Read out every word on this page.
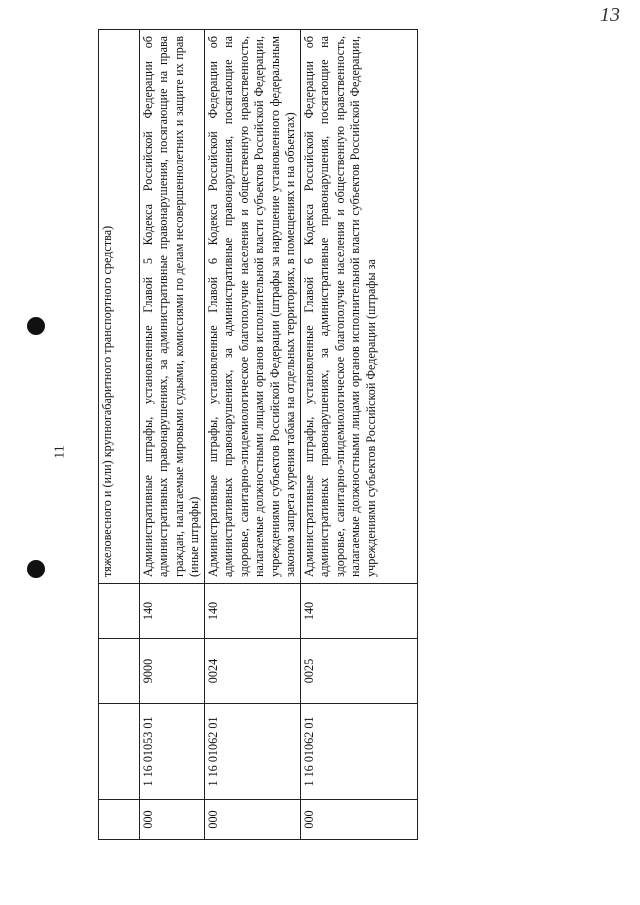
13
11
					тяжеловесного и (или) крупногабаритного транспортного средства)
000	1 16 01053 01	9000	140	Административные штрафы, установленные Главой 5 Кодекса Российской Федерации об административных правонарушениях, за административные правонарушения, посягающие на права граждан, налагаемые мировыми судьями, комиссиями по делам несовершеннолетних и защите их прав (иные штрафы)
000	1 16 01062 01	0024	140	Административные штрафы, установленные Главой 6 Кодекса Российской Федерации об административных правонарушениях, за административные правонарушения, посягающие на здоровье, санитарно-эпидемиологическое благополучие населения и общественную нравственность, налагаемые должностными лицами органов исполнительной власти субъектов Российской Федерации, учреждениями субъектов Российской Федерации (штрафы за нарушение установленного федеральным законом запрета курения табака на отдельных территориях, в помещениях и на объектах)
000	1 16 01062 01	0025	140	Административные штрафы, установленные Главой 6 Кодекса Российской Федерации об административных правонарушениях, за административные правонарушения, посягающие на здоровье, санитарно-эпидемиологическое благополучие населения и общественную нравственность, налагаемые должностными лицами органов исполнительной власти субъектов Российской Федерации, учреждениями субъектов Российской Федерации (штрафы за
